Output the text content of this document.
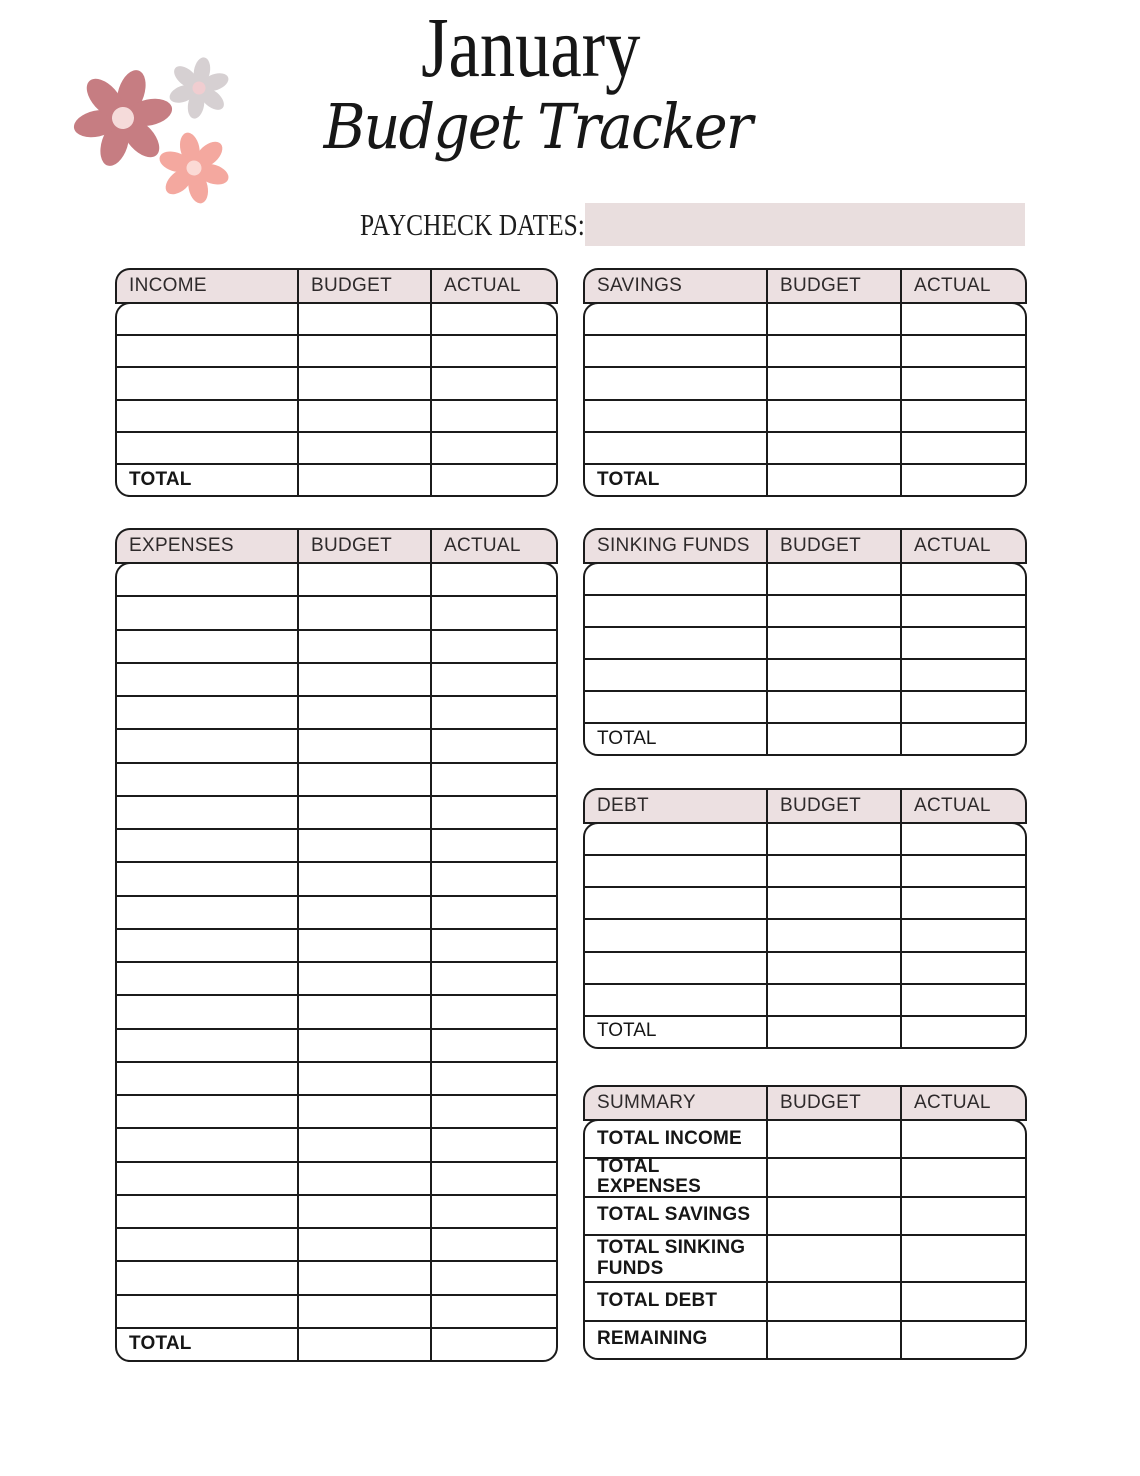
January
Budget Tracker
PAYCHECK DATES:
INCOME	BUDGET	ACTUAL
TOTAL
SAVINGS	BUDGET	ACTUAL
TOTAL
EXPENSES	BUDGET	ACTUAL
TOTAL
SINKING FUNDS	BUDGET	ACTUAL
TOTAL
DEBT	BUDGET	ACTUAL
TOTAL
SUMMARY	BUDGET	ACTUAL
TOTAL INCOME
TOTAL EXPENSES
TOTAL SAVINGS
TOTAL SINKING FUNDS
TOTAL DEBT
REMAINING
